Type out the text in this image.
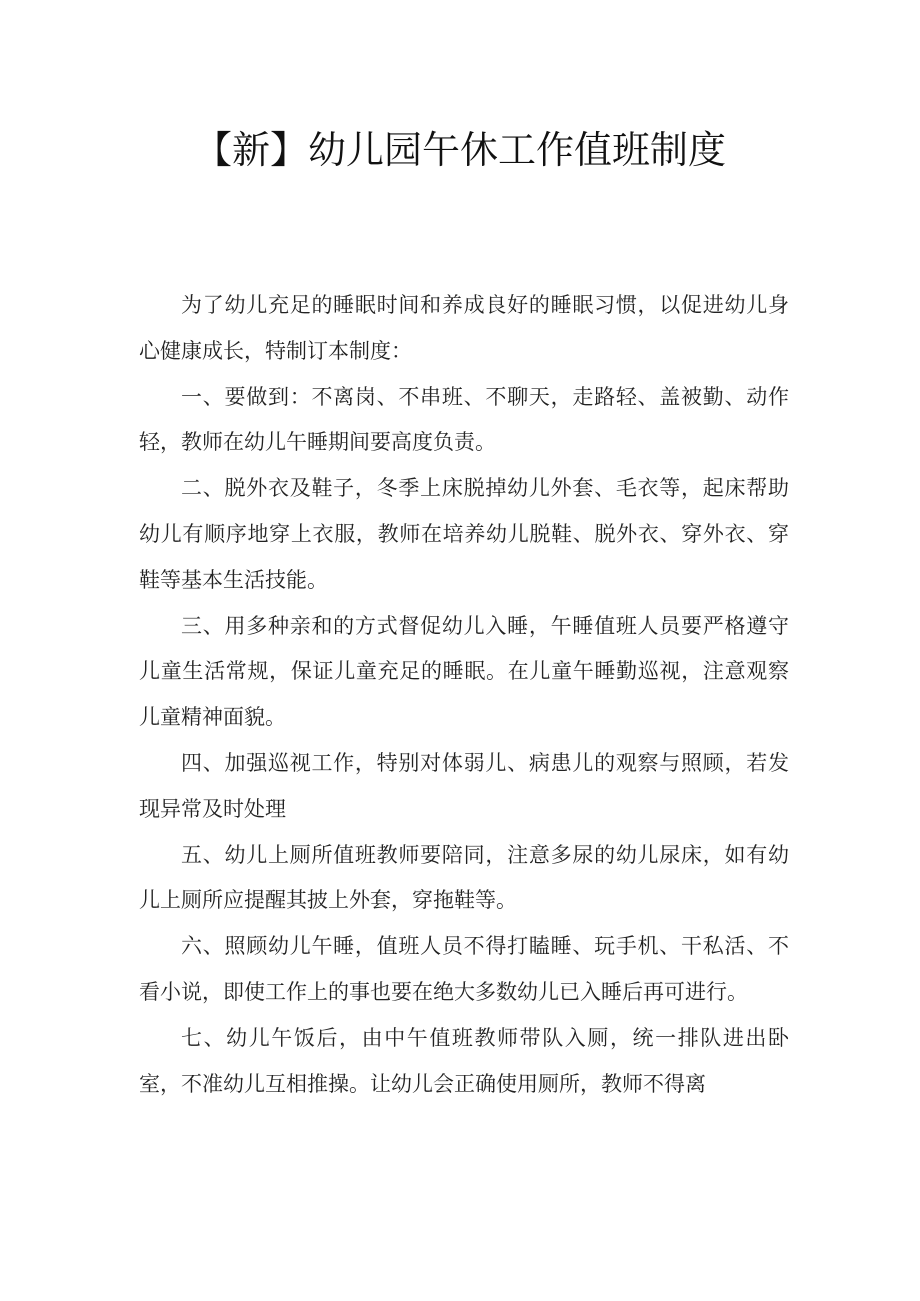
【新】幼儿园午休工作值班制度

为了幼儿充足的睡眠时间和养成良好的睡眠习惯，以促进幼儿身心健康成长，特制订本制度：

一、要做到：不离岗、不串班、不聊天，走路轻、盖被勤、动作轻，教师在幼儿午睡期间要高度负责。

二、脱外衣及鞋子，冬季上床脱掉幼儿外套、毛衣等，起床帮助幼儿有顺序地穿上衣服，教师在培养幼儿脱鞋、脱外衣、穿外衣、穿鞋等基本生活技能。

三、用多种亲和的方式督促幼儿入睡，午睡值班人员要严格遵守儿童生活常规，保证儿童充足的睡眠。在儿童午睡勤巡视，注意观察儿童精神面貌。

四、加强巡视工作，特别对体弱儿、病患儿的观察与照顾，若发现异常及时处理

五、幼儿上厕所值班教师要陪同，注意多尿的幼儿尿床，如有幼儿上厕所应提醒其披上外套，穿拖鞋等。

六、照顾幼儿午睡，值班人员不得打瞌睡、玩手机、干私活、不看小说，即使工作上的事也要在绝大多数幼儿已入睡后再可进行。

七、幼儿午饭后，由中午值班教师带队入厕，统一排队进出卧室，不准幼儿互相推操。让幼儿会正确使用厕所，教师不得离
